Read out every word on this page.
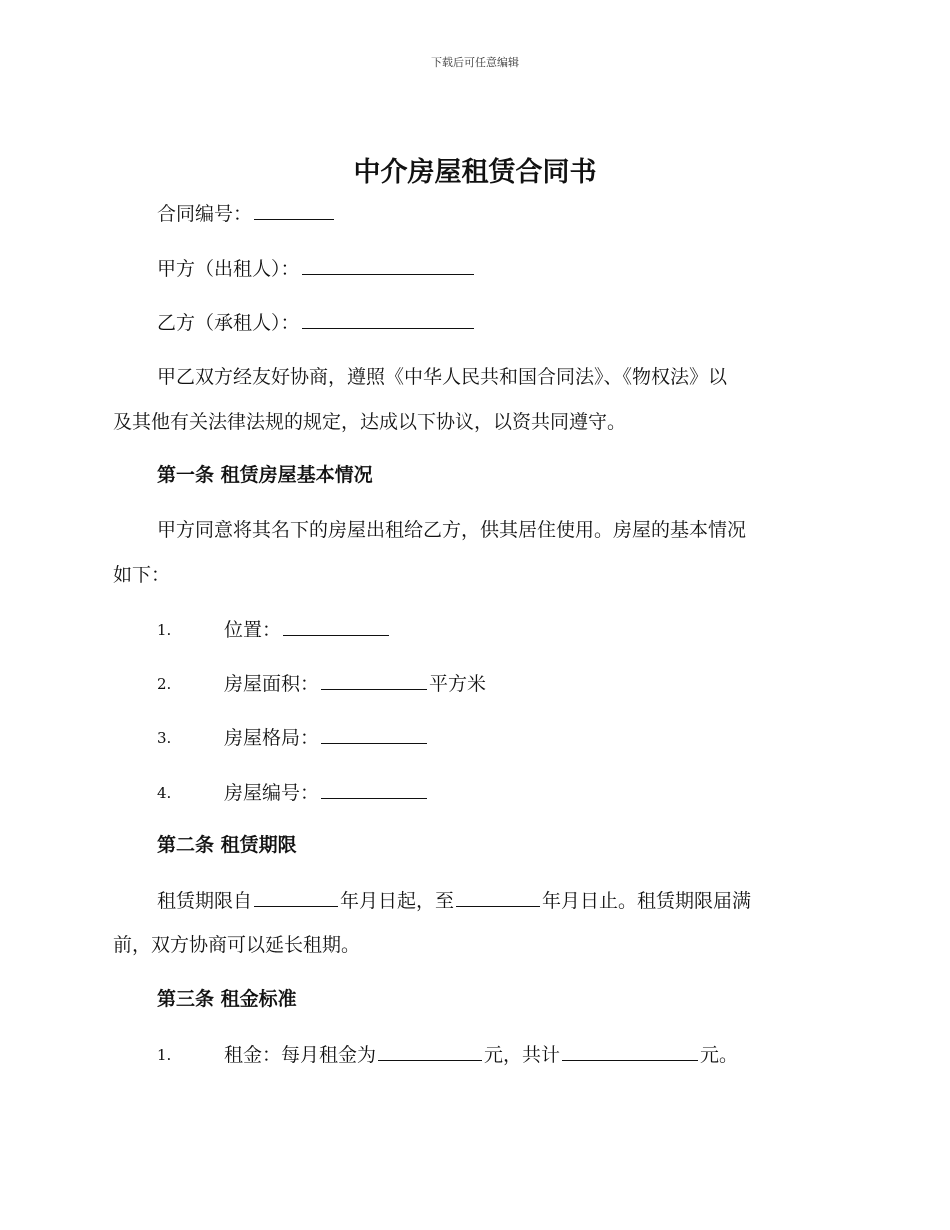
下载后可任意编辑
中介房屋租赁合同书
合同编号：
甲方（出租人）：
乙方（承租人）：
甲乙双方经友好协商，遵照《中华人民共和国合同法》、《物权法》以
及其他有关法律法规的规定，达成以下协议，以资共同遵守。
第一条 租赁房屋基本情况
甲方同意将其名下的房屋出租给乙方，供其居住使用。房屋的基本情况
如下：
1.	位置：
2.	房屋面积：	平方米
3.	房屋格局：
4.	房屋编号：
第二条 租赁期限
租赁期限自	年月日起，至	年月日止。租赁期限届满
前，双方协商可以延长租期。
第三条 租金标准
1.	租金：每月租金为	元，共计	元。
